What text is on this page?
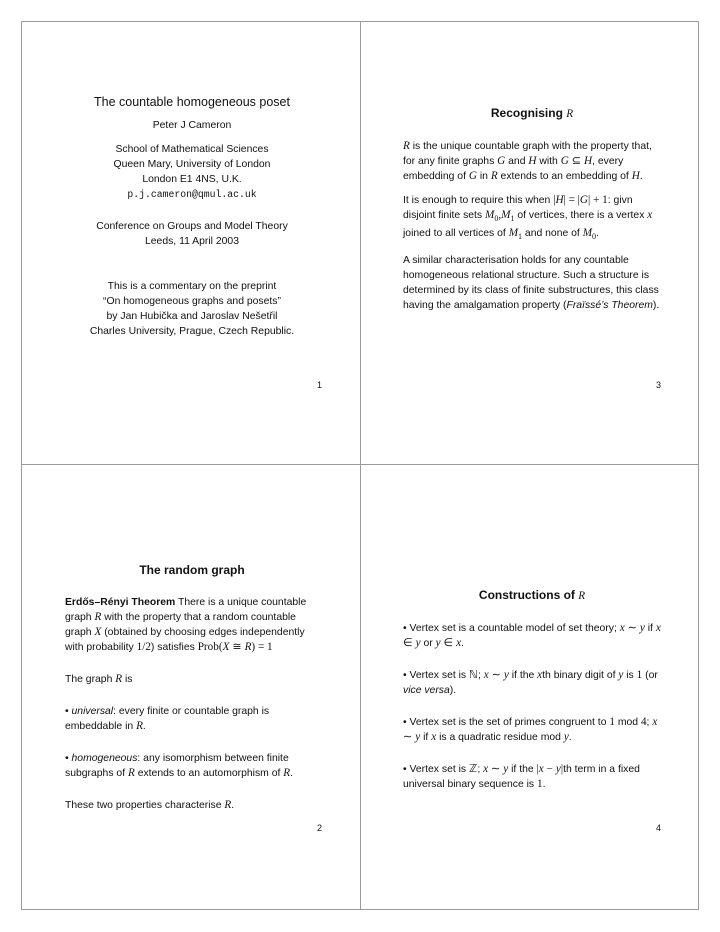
The countable homogeneous poset

Peter J Cameron

School of Mathematical Sciences

Queen Mary, University of London

London E1 4NS, U.K.

p.j.cameron@qmul.ac.uk

Conference on Groups and Model Theory

Leeds, 11 April 2003

This is a commentary on the preprint

“On homogeneous graphs and posets”

by Jan Hubička and Jaroslav Nešetřil

Charles University, Prague, Czech Republic.

1

Recognising R

R is the unique countable graph with the property that, for any finite graphs G and H with G ⊆ H, every embedding of G in R extends to an embedding of H.

It is enough to require this when |H| = |G| + 1: givn disjoint finite sets $M_0,M_1$ of vertices, there is a vertex x joined to all vertices of $M_1$ and none of $M_0$.

A similar characterisation holds for any countable homogeneous relational structure. Such a structure is determined by its class of finite substructures, this class having the amalgamation property (Fraïssé’s Theorem).

3

The random graph

Erdős–Rényi Theorem There is a unique countable graph R with the property that a random countable graph X (obtained by choosing edges independently with probability 1/2) satisfies Prob(X ≅ R) = 1

The graph R is

• universal: every finite or countable graph is embeddable in R.

• homogeneous: any isomorphism between finite subgraphs of R extends to an automorphism of R.

These two properties characterise R.

2

Constructions of R

• Vertex set is a countable model of set theory; x ∼ y if x ∈ y or y ∈ x.

• Vertex set is ℕ; x ∼ y if the xth binary digit of y is 1 (or vice versa).

• Vertex set is the set of primes congruent to 1 mod 4; x ∼ y if x is a quadratic residue mod y.

• Vertex set is ℤ; x ∼ y if the |x − y|th term in a fixed universal binary sequence is 1.

4
